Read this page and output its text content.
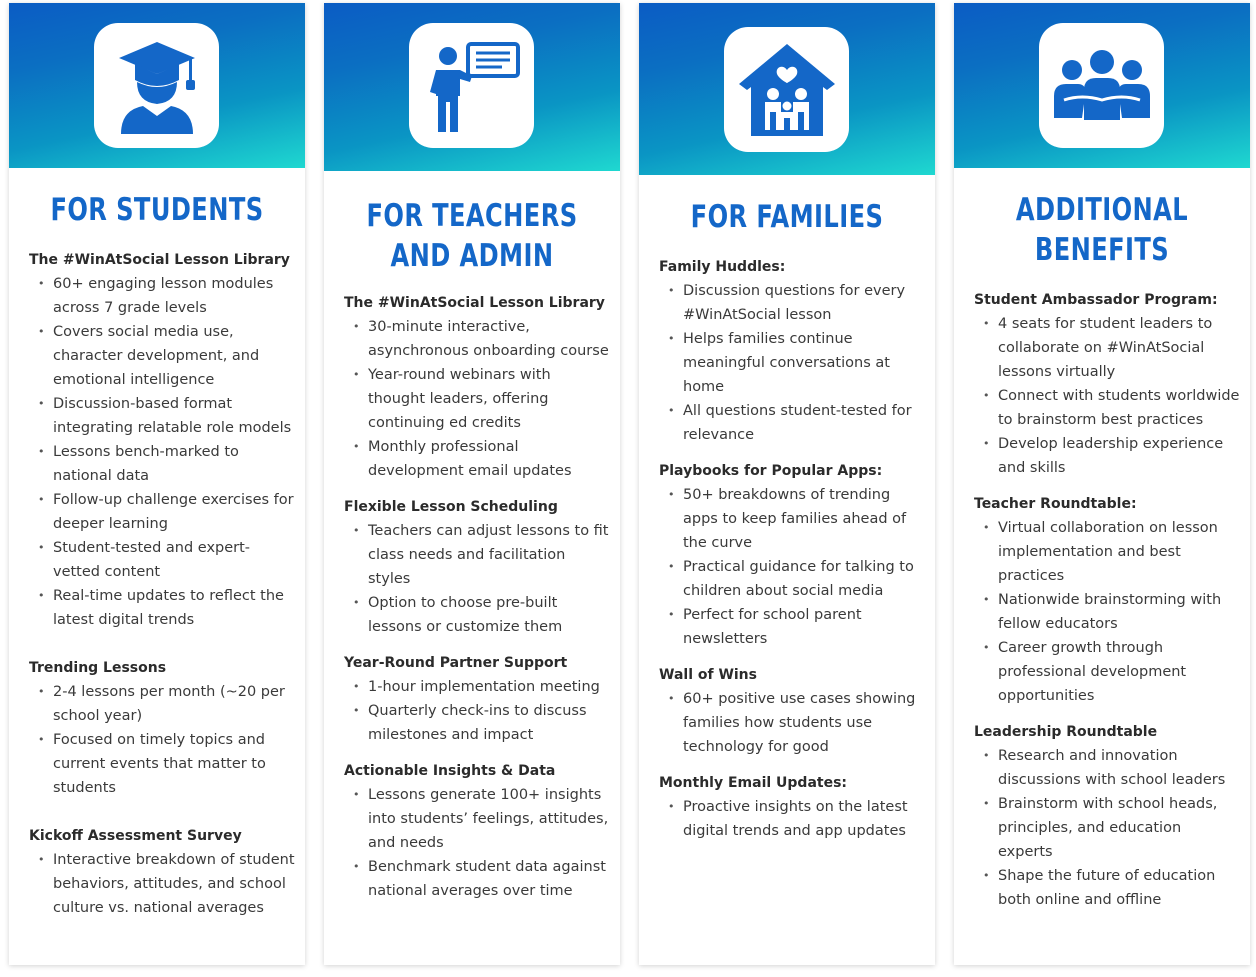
FOR STUDENTS
The #WinAtSocial Lesson Library
• 60+ engaging lesson modules across 7 grade levels
• Covers social media use, character development, and emotional intelligence
• Discussion-based format integrating relatable role models
• Lessons bench-marked to national data
• Follow-up challenge exercises for deeper learning
• Student-tested and expert-vetted content
• Real-time updates to reflect the latest digital trends
Trending Lessons
• 2-4 lessons per month (~20 per school year)
• Focused on timely topics and current events that matter to students
Kickoff Assessment Survey
• Interactive breakdown of student behaviors, attitudes, and school culture vs. national averages
FOR TEACHERS AND ADMIN
The #WinAtSocial Lesson Library
• 30-minute interactive, asynchronous onboarding course
• Year-round webinars with thought leaders, offering continuing ed credits
• Monthly professional development email updates
Flexible Lesson Scheduling
• Teachers can adjust lessons to fit class needs and facilitation styles
• Option to choose pre-built lessons or customize them
Year-Round Partner Support
• 1-hour implementation meeting
• Quarterly check-ins to discuss milestones and impact
Actionable Insights & Data
• Lessons generate 100+ insights into students’ feelings, attitudes, and needs
• Benchmark student data against national averages over time
FOR FAMILIES
Family Huddles:
• Discussion questions for every #WinAtSocial lesson
• Helps families continue meaningful conversations at home
• All questions student-tested for relevance
Playbooks for Popular Apps:
• 50+ breakdowns of trending apps to keep families ahead of the curve
• Practical guidance for talking to children about social media
• Perfect for school parent newsletters
Wall of Wins
• 60+ positive use cases showing families how students use technology for good
Monthly Email Updates:
• Proactive insights on the latest digital trends and app updates
ADDITIONAL BENEFITS
Student Ambassador Program:
• 4 seats for student leaders to collaborate on #WinAtSocial lessons virtually
• Connect with students worldwide to brainstorm best practices
• Develop leadership experience and skills
Teacher Roundtable:
• Virtual collaboration on lesson implementation and best practices
• Nationwide brainstorming with fellow educators
• Career growth through professional development opportunities
Leadership Roundtable
• Research and innovation discussions with school leaders
• Brainstorm with school heads, principles, and education experts
• Shape the future of education both online and offline
